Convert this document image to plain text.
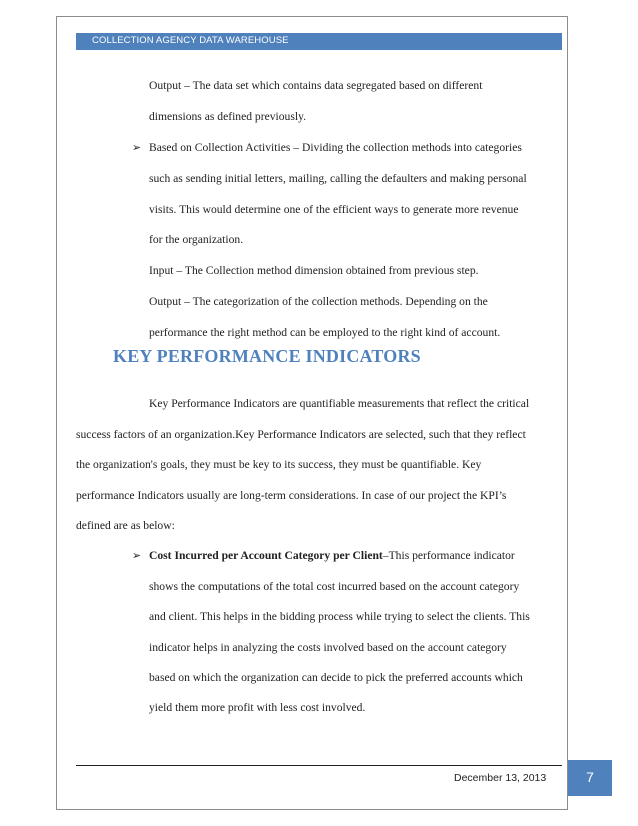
COLLECTION AGENCY DATA WAREHOUSE
Output – The data set which contains data segregated based on different
dimensions as defined previously.
➢ Based on Collection Activities – Dividing the collection methods into categories
such as sending initial letters, mailing, calling the defaulters and making personal
visits. This would determine one of the efficient ways to generate more revenue
for the organization.
Input – The Collection method dimension obtained from previous step.
Output – The categorization of the collection methods. Depending on the
performance the right method can be employed to the right kind of account.
KEY PERFORMANCE INDICATORS
Key Performance Indicators are quantifiable measurements that reflect the critical
success factors of an organization.Key Performance Indicators are selected, such that they reflect
the organization's goals, they must be key to its success, they must be quantifiable. Key
performance Indicators usually are long-term considerations. In case of our project the KPI’s
defined are as below:
➢ Cost Incurred per Account Category per Client–This performance indicator
shows the computations of the total cost incurred based on the account category
and client. This helps in the bidding process while trying to select the clients. This
indicator helps in analyzing the costs involved based on the account category
based on which the organization can decide to pick the preferred accounts which
yield them more profit with less cost involved.
December 13, 2013	7
